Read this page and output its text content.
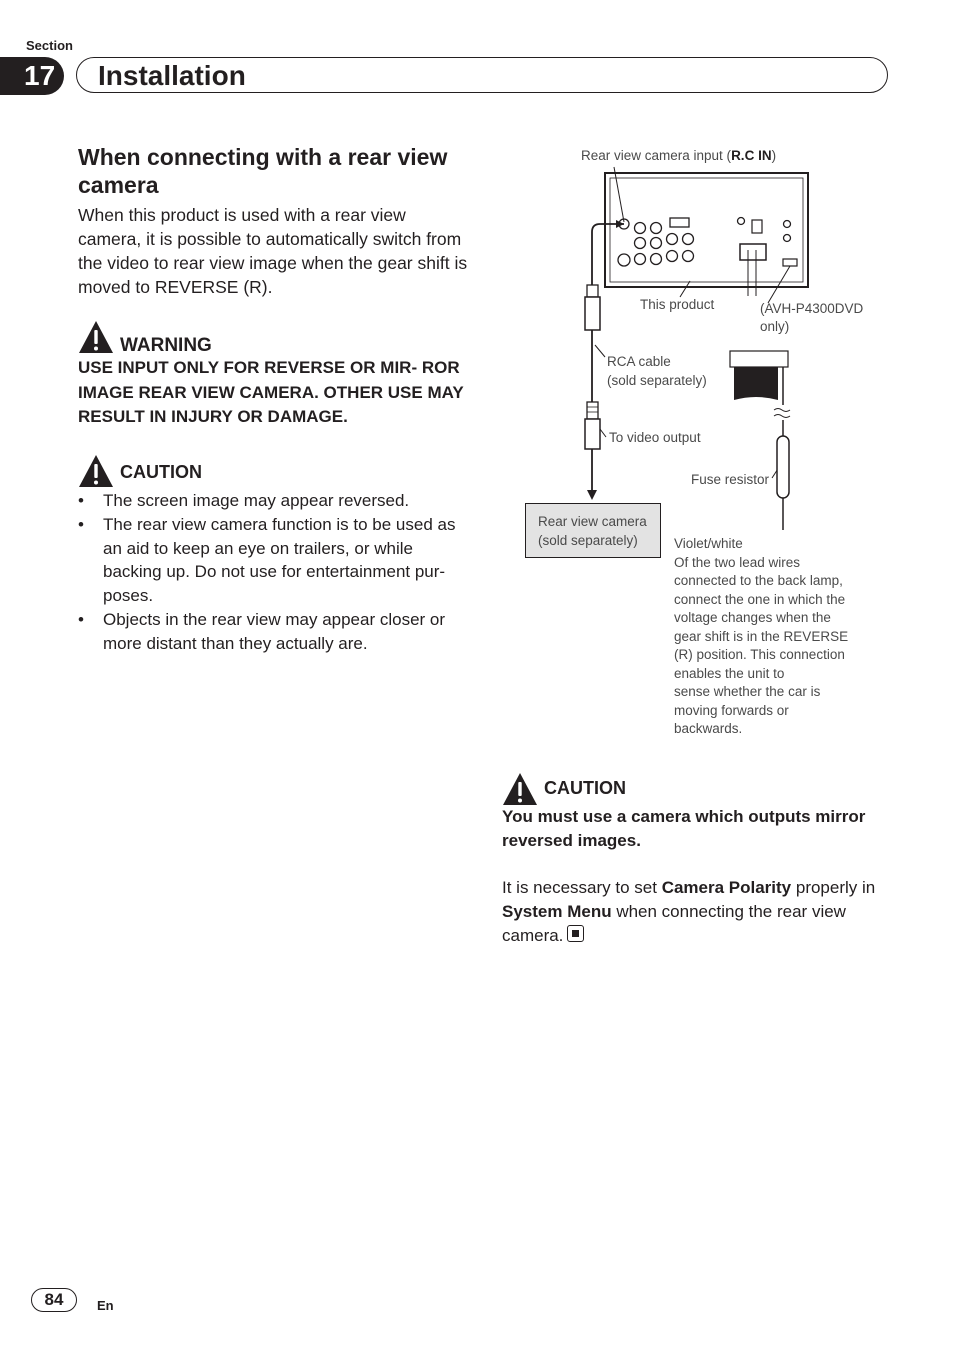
Section
17	Installation
When connecting with a rear view camera
When this product is used with a rear view camera, it is possible to automatically switch from the video to rear view image when the gear shift is moved to REVERSE (R).
WARNING
USE INPUT ONLY FOR REVERSE OR MIR- ROR IMAGE REAR VIEW CAMERA. OTHER USE MAY RESULT IN INJURY OR DAMAGE.
CAUTION
• The screen image may appear reversed.
• The rear view camera function is to be used as an aid to keep an eye on trailers, or while backing up. Do not use for entertainment pur- poses.
• Objects in the rear view may appear closer or more distant than they actually are.
Rear view camera input (R.C IN)
This product	(AVH-P4300DVD
only)
RCA cable
(sold separately)
To video output
Fuse resistor
Rear view camera
(sold separately)	Violet/white
Of the two lead wires
connected to the back lamp,
connect the one in which the
voltage changes when the
gear shift is in the REVERSE
(R) position. This connection
enables the unit to
sense whether the car is
moving forwards or
backwards.
CAUTION
You must use a camera which outputs mirror reversed images.
It is necessary to set Camera Polarity properly in System Menu when connecting the rear view camera.
84	En
